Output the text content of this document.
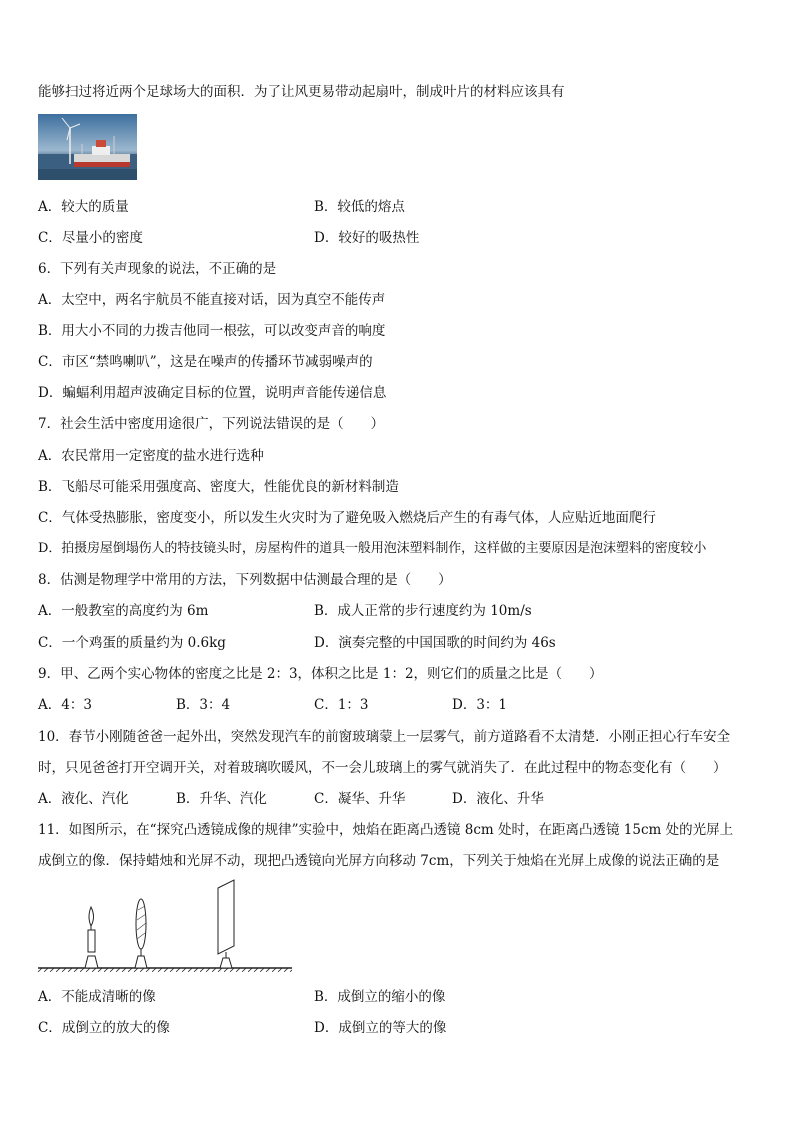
能够扫过将近两个足球场大的面积．为了让风更易带动起扇叶，制成叶片的材料应该具有
A．较大的质量	B．较低的熔点
C．尽量小的密度	D．较好的吸热性
6．下列有关声现象的说法，不正确的是
A．太空中，两名宇航员不能直接对话，因为真空不能传声
B．用大小不同的力拨吉他同一根弦，可以改变声音的响度
C．市区“禁鸣喇叭”，这是在噪声的传播环节减弱噪声的
D．蝙蝠利用超声波确定目标的位置，说明声音能传递信息
7．社会生活中密度用途很广，下列说法错误的是（　　）
A．农民常用一定密度的盐水进行选种
B．飞船尽可能采用强度高、密度大，性能优良的新材料制造
C．气体受热膨胀，密度变小，所以发生火灾时为了避免吸入燃烧后产生的有毒气体，人应贴近地面爬行
D．拍摄房屋倒塌伤人的特技镜头时，房屋构件的道具一般用泡沫塑料制作，这样做的主要原因是泡沫塑料的密度较小
8．估测是物理学中常用的方法，下列数据中估测最合理的是（　　）
A．一般教室的高度约为 6m	B．成人正常的步行速度约为 10m/s
C．一个鸡蛋的质量约为 0.6kg	D．演奏完整的中国国歌的时间约为 46s
9．甲、乙两个实心物体的密度之比是 2：3，体积之比是 1：2，则它们的质量之比是（　　）
A．4：3	B．3：4	C．1：3	D．3：1
10．春节小刚随爸爸一起外出，突然发现汽车的前窗玻璃蒙上一层雾气，前方道路看不太清楚．小刚正担心行车安全
时，只见爸爸打开空调开关，对着玻璃吹暖风，不一会儿玻璃上的雾气就消失了．在此过程中的物态变化有（　　）
A．液化、汽化	B．升华、汽化	C．凝华、升华	D．液化、升华
11．如图所示，在“探究凸透镜成像的规律”实验中，烛焰在距离凸透镜 8cm 处时，在距离凸透镜 15cm 处的光屏上
成倒立的像．保持蜡烛和光屏不动，现把凸透镜向光屏方向移动 7cm，下列关于烛焰在光屏上成像的说法正确的是
A．不能成清晰的像	B．成倒立的缩小的像
C．成倒立的放大的像	D．成倒立的等大的像
